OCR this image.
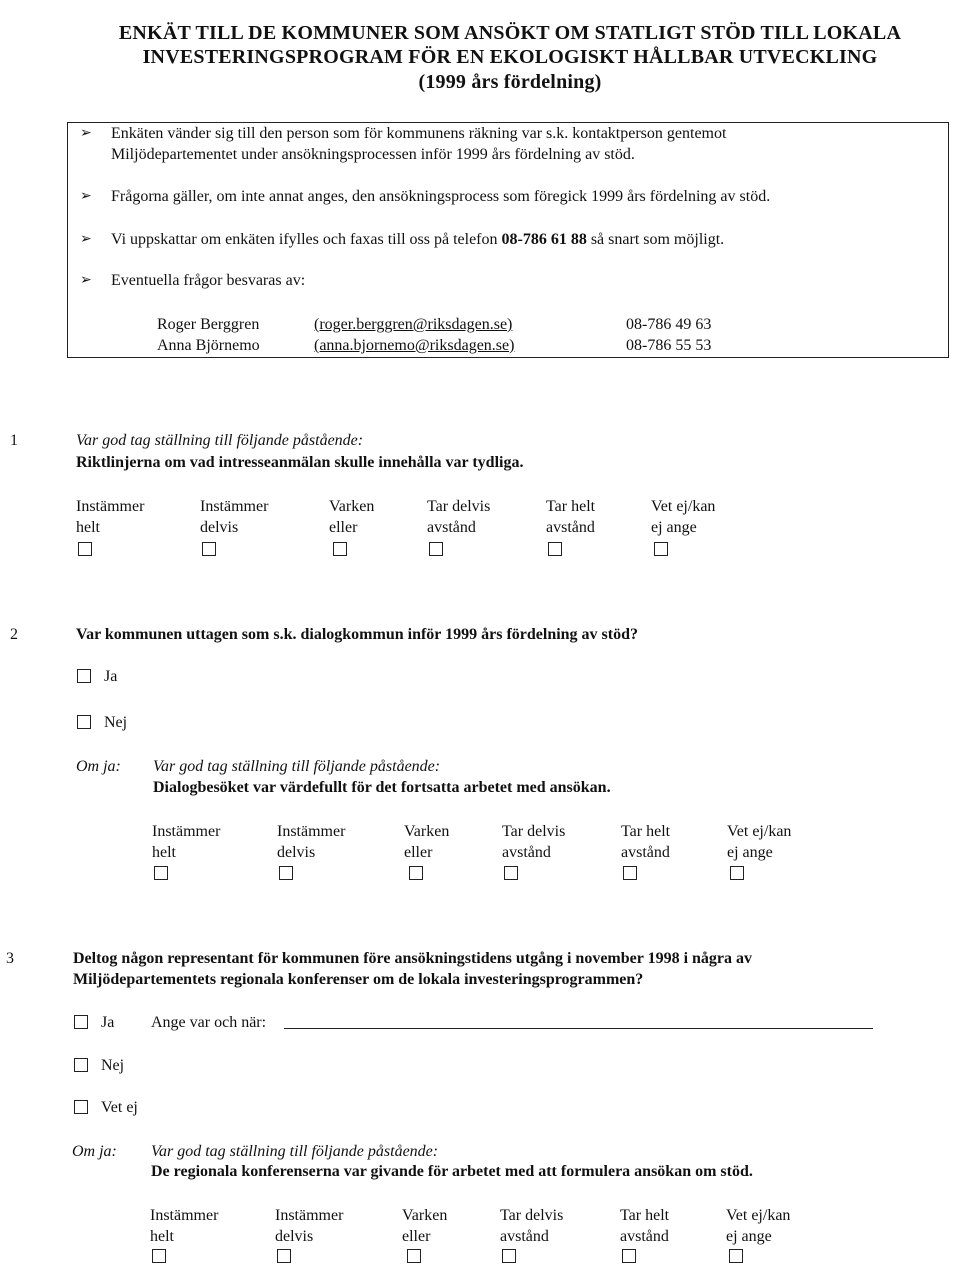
ENKÄT TILL DE KOMMUNER SOM ANSÖKT OM STATLIGT STÖD TILL LOKALA
INVESTERINGSPROGRAM FÖR EN EKOLOGISKT HÅLLBAR UTVECKLING
(1999 års fördelning)
➢ Enkäten vänder sig till den person som för kommunens räkning var s.k. kontaktperson gentemot
Miljödepartementet under ansökningsprocessen inför 1999 års fördelning av stöd.
➢ Frågorna gäller, om inte annat anges, den ansökningsprocess som föregick 1999 års fördelning av stöd.
➢ Vi uppskattar om enkäten ifylles och faxas till oss på telefon 08-786 61 88 så snart som möjligt.
➢ Eventuella frågor besvaras av:
Roger Berggren	(roger.berggren@riksdagen.se)	08-786 49 63
Anna Björnemo	(anna.bjornemo@riksdagen.se)	08-786 55 53
1	Var god tag ställning till följande påstående:
Riktlinjerna om vad intresseanmälan skulle innehålla var tydliga.
Instämmer
helt
Instämmer
delvis
Varken
eller
Tar delvis
avstånd
Tar helt
avstånd
Vet ej/kan
ej ange
2	Var kommunen uttagen som s.k. dialogkommun inför 1999 års fördelning av stöd?
Ja
Nej
Om ja: Var god tag ställning till följande påstående:
Dialogbesöket var värdefullt för det fortsatta arbetet med ansökan.
Instämmer
helt
Instämmer
delvis
Varken
eller
Tar delvis
avstånd
Tar helt
avstånd
Vet ej/kan
ej ange
3	Deltog någon representant för kommunen före ansökningstidens utgång i november 1998 i några av
Miljödepartementets regionala konferenser om de lokala investeringsprogrammen?
Ja Ange var och när:
Nej
Vet ej
Om ja: Var god tag ställning till följande påstående:
De regionala konferenserna var givande för arbetet med att formulera ansökan om stöd.
Instämmer
helt
Instämmer
delvis
Varken
eller
Tar delvis
avstånd
Tar helt
avstånd
Vet ej/kan
ej ange
